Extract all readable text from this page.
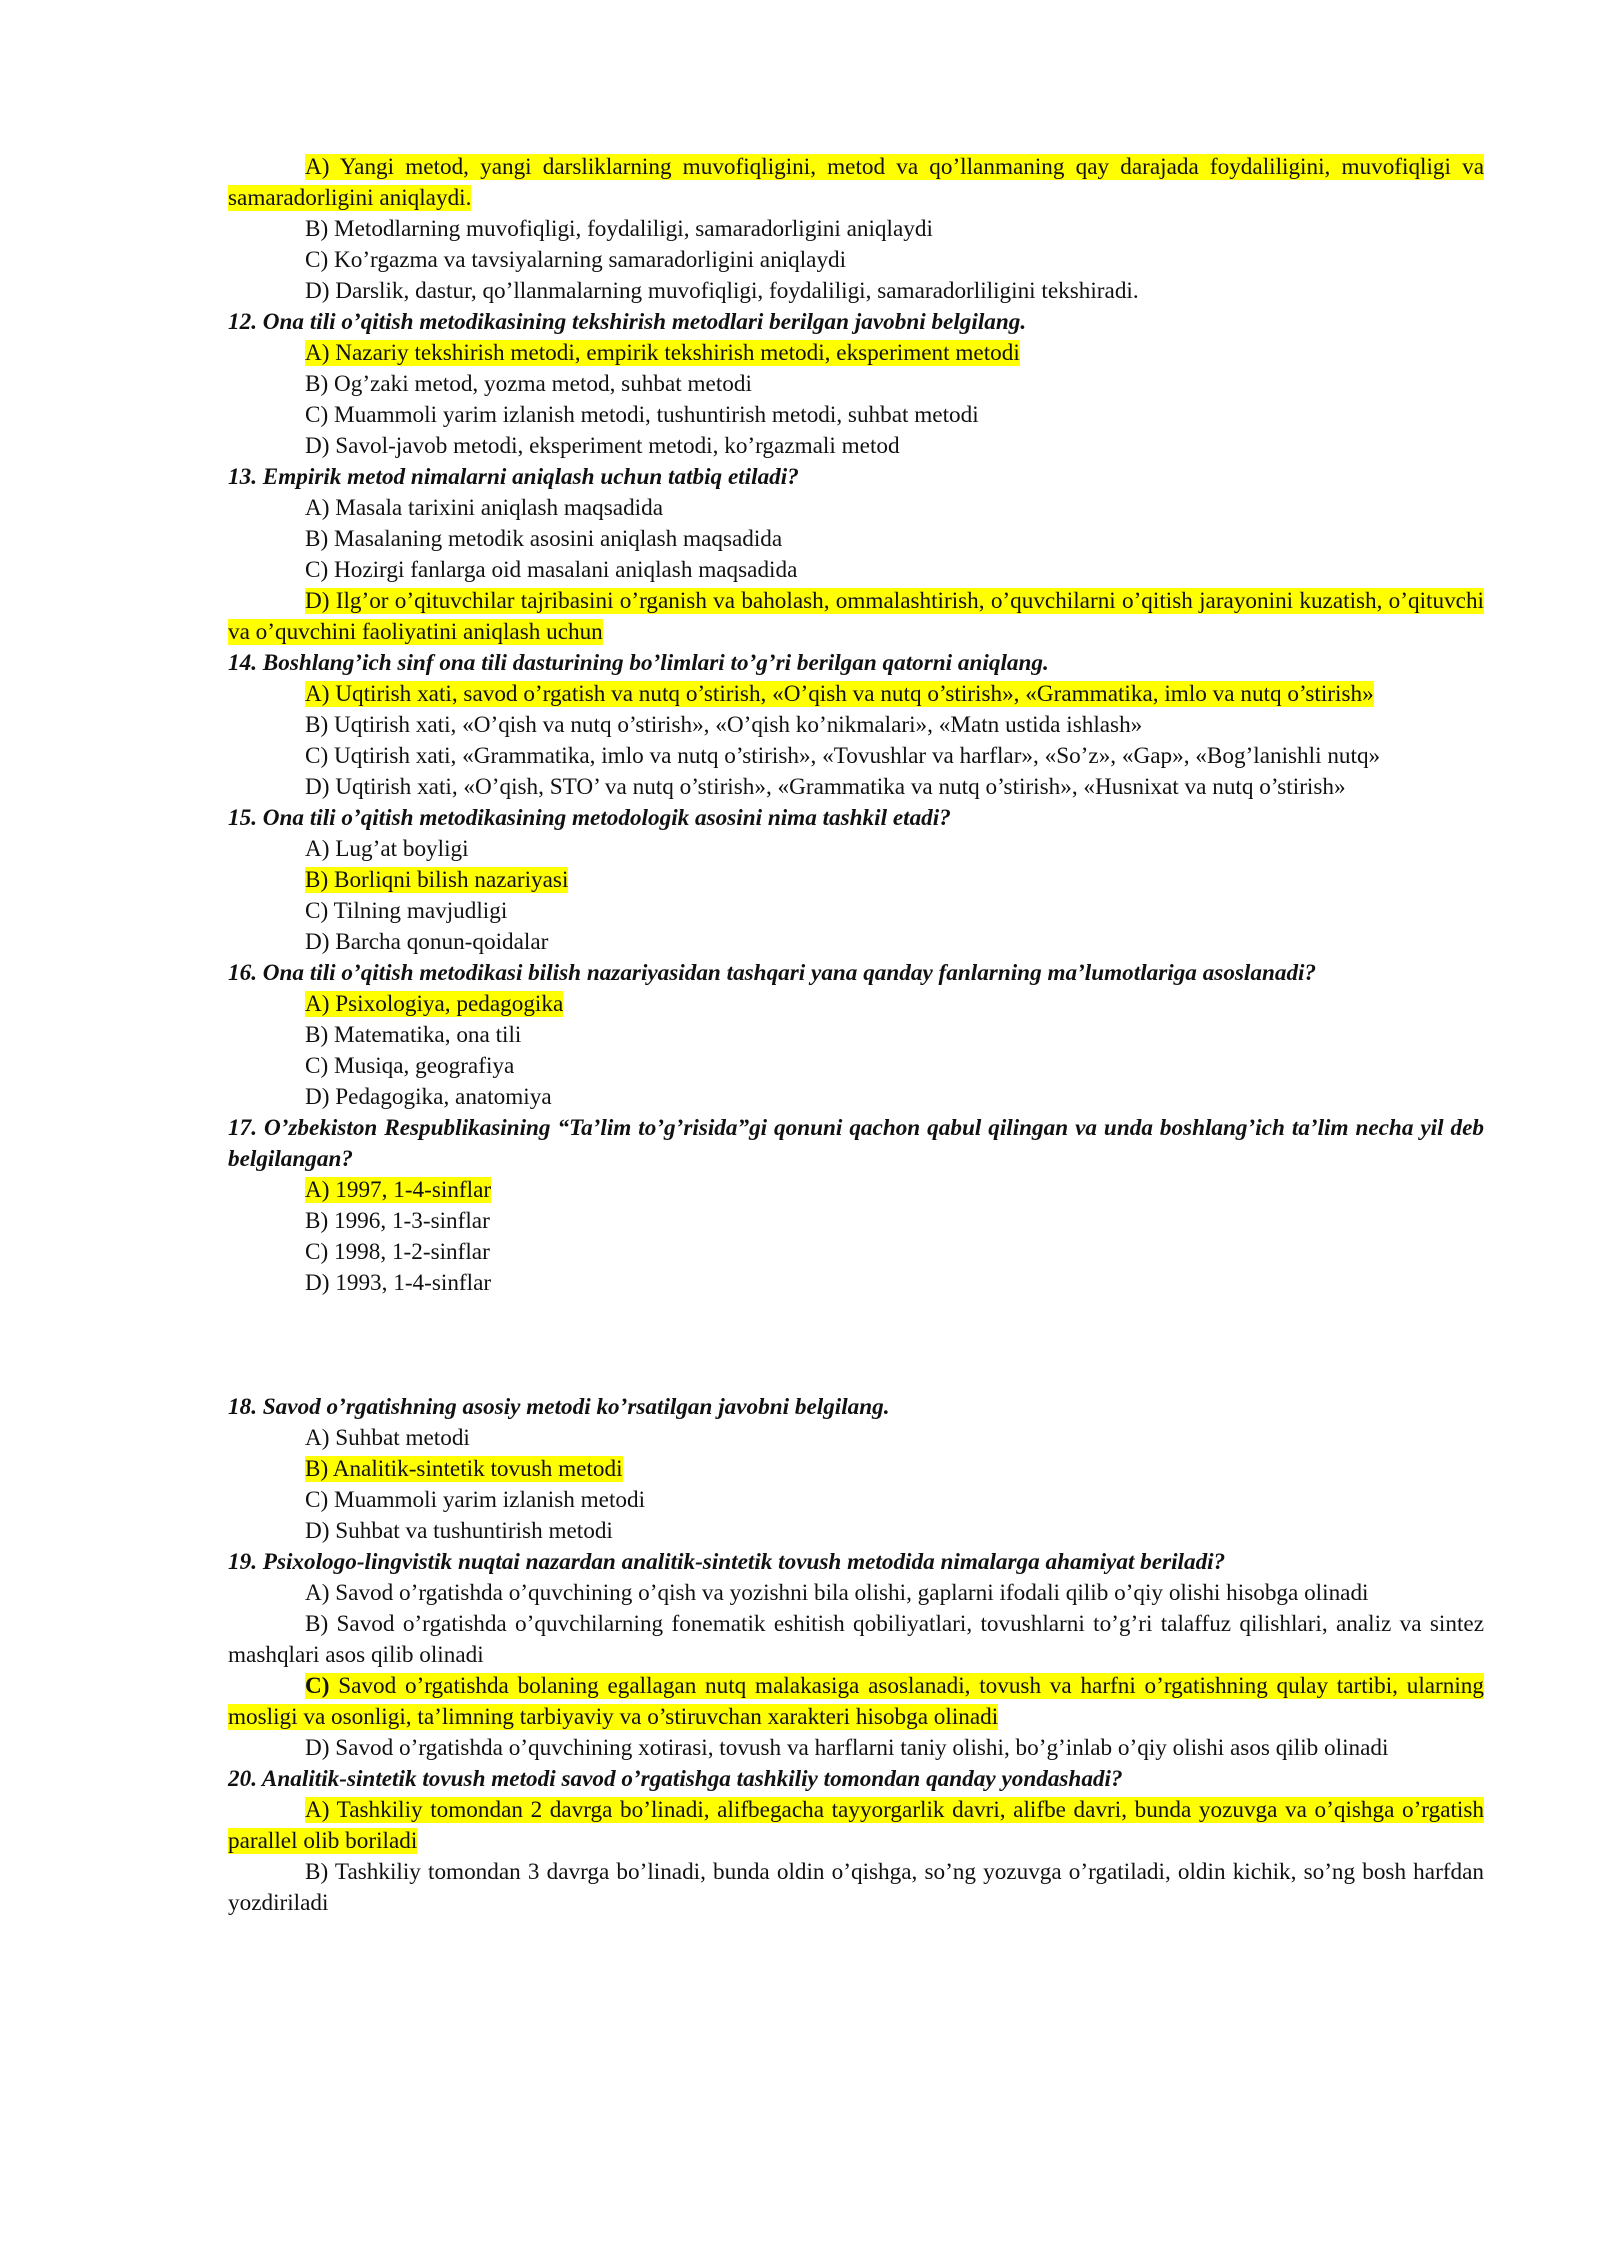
A) Yangi metod, yangi darsliklarning muvofiqligini, metod va qo’llanmaning qay darajada foydaliligini, muvofiqligi va samaradorligini aniqlaydi.

B) Metodlarning muvofiqligi, foydaliligi, samaradorligini aniqlaydi

C) Ko’rgazma va tavsiyalarning samaradorligini aniqlaydi

D) Darslik, dastur, qo’llanmalarning muvofiqligi, foydaliligi, samaradorliligini tekshiradi.

12. Ona tili o’qitish metodikasining tekshirish metodlari berilgan javobni belgilang.

A) Nazariy tekshirish metodi, empirik tekshirish metodi, eksperiment metodi

B) Og’zaki metod, yozma metod, suhbat metodi

C) Muammoli yarim izlanish metodi, tushuntirish metodi, suhbat metodi

D) Savol-javob metodi, eksperiment metodi, ko’rgazmali metod

13. Empirik metod nimalarni aniqlash uchun tatbiq etiladi?

A) Masala tarixini aniqlash maqsadida

B) Masalaning metodik asosini aniqlash maqsadida

C) Hozirgi fanlarga oid masalani aniqlash maqsadida

D) Ilg’or o’qituvchilar tajribasini o’rganish va baholash, ommalashtirish, o’quvchilarni o’qitish jarayonini kuzatish, o’qituvchi va o’quvchini faoliyatini aniqlash uchun

14. Boshlang’ich sinf ona tili dasturining bo’limlari to’g’ri berilgan qatorni aniqlang.

A) Uqtirish xati, savod o’rgatish va nutq o’stirish, «O’qish va nutq o’stirish», «Grammatika, imlo va nutq o’stirish»

B) Uqtirish xati, «O’qish va nutq o’stirish», «O’qish ko’nikmalari», «Matn ustida ishlash»

C) Uqtirish xati, «Grammatika, imlo va nutq o’stirish», «Tovushlar va harflar», «So’z», «Gap», «Bog’lanishli nutq»

D) Uqtirish xati, «O’qish, STO’ va nutq o’stirish», «Grammatika va nutq o’stirish», «Husnixat va nutq o’stirish»

15. Ona tili o’qitish metodikasining metodologik asosini nima tashkil etadi?

A) Lug’at boyligi

B) Borliqni bilish nazariyasi

C) Tilning mavjudligi

D) Barcha qonun-qoidalar

16. Ona tili o’qitish metodikasi bilish nazariyasidan tashqari yana qanday fanlarning ma’lumotlariga asoslanadi?

A) Psixologiya, pedagogika

B) Matematika, ona tili

C) Musiqa, geografiya

D) Pedagogika, anatomiya

17. O’zbekiston Respublikasining “Ta’lim to’g’risida”gi qonuni qachon qabul qilingan va unda boshlang’ich ta’lim necha yil deb belgilangan?

A) 1997, 1-4-sinflar

B) 1996, 1-3-sinflar

C) 1998, 1-2-sinflar

D) 1993, 1-4-sinflar

18. Savod o’rgatishning asosiy metodi ko’rsatilgan javobni belgilang.

A) Suhbat metodi

B) Analitik-sintetik tovush metodi

C) Muammoli yarim izlanish metodi

D) Suhbat va tushuntirish metodi

19. Psixologo-lingvistik nuqtai nazardan analitik-sintetik tovush metodida nimalarga ahamiyat beriladi?

A) Savod o’rgatishda o’quvchining o’qish va yozishni bila olishi, gaplarni ifodali qilib o’qiy olishi hisobga olinadi

B) Savod o’rgatishda o’quvchilarning fonematik eshitish qobiliyatlari, tovushlarni to’g’ri talaffuz qilishlari, analiz va sintez mashqlari asos qilib olinadi

C) Savod o’rgatishda bolaning egallagan nutq malakasiga asoslanadi, tovush va harfni o’rgatishning qulay tartibi, ularning mosligi va osonligi, ta’limning tarbiyaviy va o’stiruvchan xarakteri hisobga olinadi

D) Savod o’rgatishda o’quvchining xotirasi, tovush va harflarni taniy olishi, bo’g’inlab o’qiy olishi asos qilib olinadi

20. Analitik-sintetik tovush metodi savod o’rgatishga tashkiliy tomondan qanday yondashadi?

A) Tashkiliy tomondan 2 davrga bo’linadi, alifbegacha tayyorgarlik davri, alifbe davri, bunda yozuvga va o’qishga o’rgatish parallel olib boriladi

B) Tashkiliy tomondan 3 davrga bo’linadi, bunda oldin o’qishga, so’ng yozuvga o’rgatiladi, oldin kichik, so’ng bosh harfdan yozdiriladi
